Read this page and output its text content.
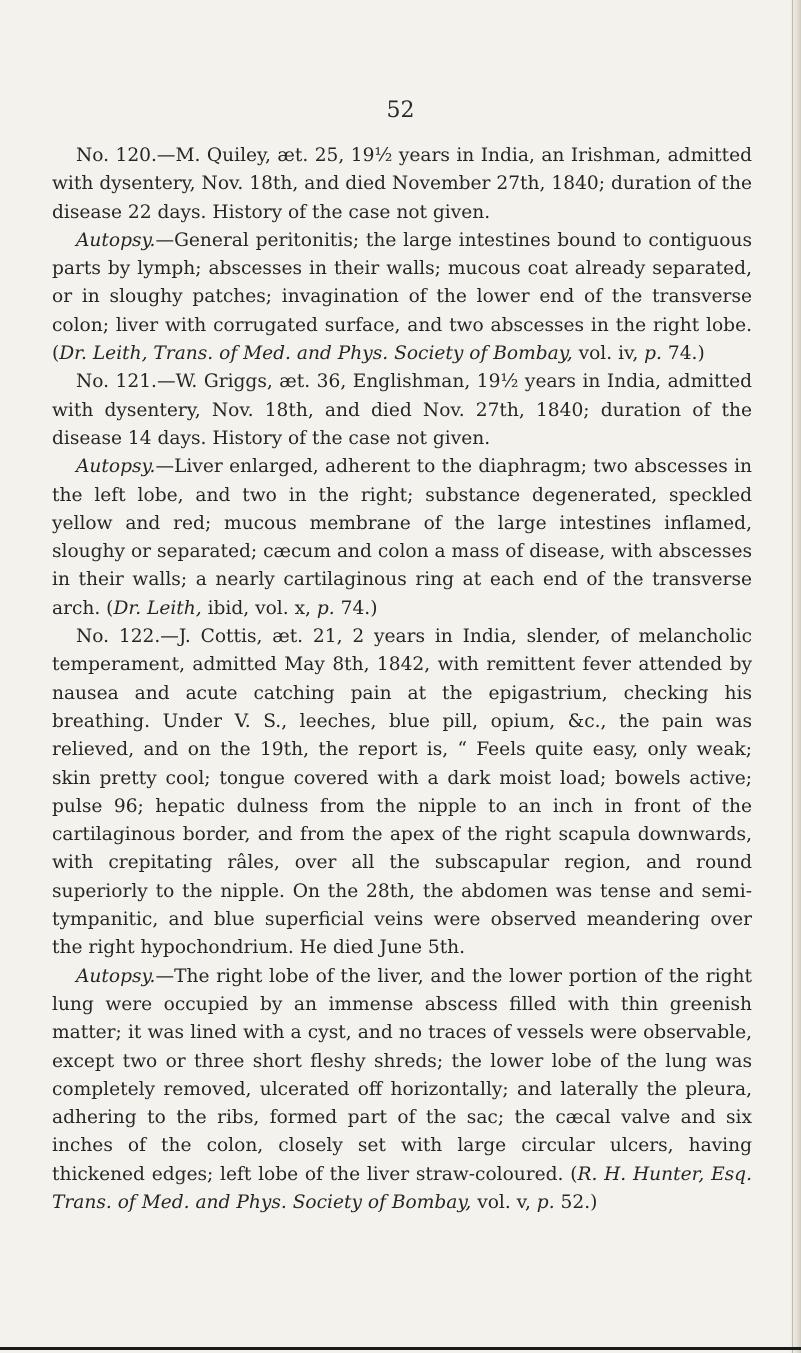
52

No. 120.—M. Quiley, æt. 25, 19½ years in India, an Irishman, admitted with dysentery, Nov. 18th, and died November 27th, 1840; duration of the disease 22 days. History of the case not given.

Autopsy.—General peritonitis; the large intestines bound to contiguous parts by lymph; abscesses in their walls; mucous coat already separated, or in sloughy patches; invagination of the lower end of the transverse colon; liver with corrugated surface, and two abscesses in the right lobe. (Dr. Leith, Trans. of Med. and Phys. Society of Bombay, vol. iv, p. 74.)

No. 121.—W. Griggs, æt. 36, Englishman, 19½ years in India, admitted with dysentery, Nov. 18th, and died Nov. 27th, 1840; duration of the disease 14 days. History of the case not given.

Autopsy.—Liver enlarged, adherent to the diaphragm; two abscesses in the left lobe, and two in the right; substance degenerated, speckled yellow and red; mucous membrane of the large intestines inflamed, sloughy or separated; cæcum and colon a mass of disease, with abscesses in their walls; a nearly cartilaginous ring at each end of the transverse arch. (Dr. Leith, ibid, vol. x, p. 74.)

No. 122.—J. Cottis, æt. 21, 2 years in India, slender, of melancholic temperament, admitted May 8th, 1842, with remittent fever attended by nausea and acute catching pain at the epigastrium, checking his breathing. Under V. S., leeches, blue pill, opium, &c., the pain was relieved, and on the 19th, the report is, “ Feels quite easy, only weak; skin pretty cool; tongue covered with a dark moist load; bowels active; pulse 96; hepatic dulness from the nipple to an inch in front of the cartilaginous border, and from the apex of the right scapula downwards, with crepitating râles, over all the subscapular region, and round superiorly to the nipple. On the 28th, the abdomen was tense and semi-tympanitic, and blue superficial veins were observed meandering over the right hypochondrium. He died June 5th.

Autopsy.—The right lobe of the liver, and the lower portion of the right lung were occupied by an immense abscess filled with thin greenish matter; it was lined with a cyst, and no traces of vessels were observable, except two or three short fleshy shreds; the lower lobe of the lung was completely removed, ulcerated off horizontally; and laterally the pleura, adhering to the ribs, formed part of the sac; the cæcal valve and six inches of the colon, closely set with large circular ulcers, having thickened edges; left lobe of the liver straw-coloured. (R. H. Hunter, Esq. Trans. of Med. and Phys. Society of Bombay, vol. v, p. 52.)
